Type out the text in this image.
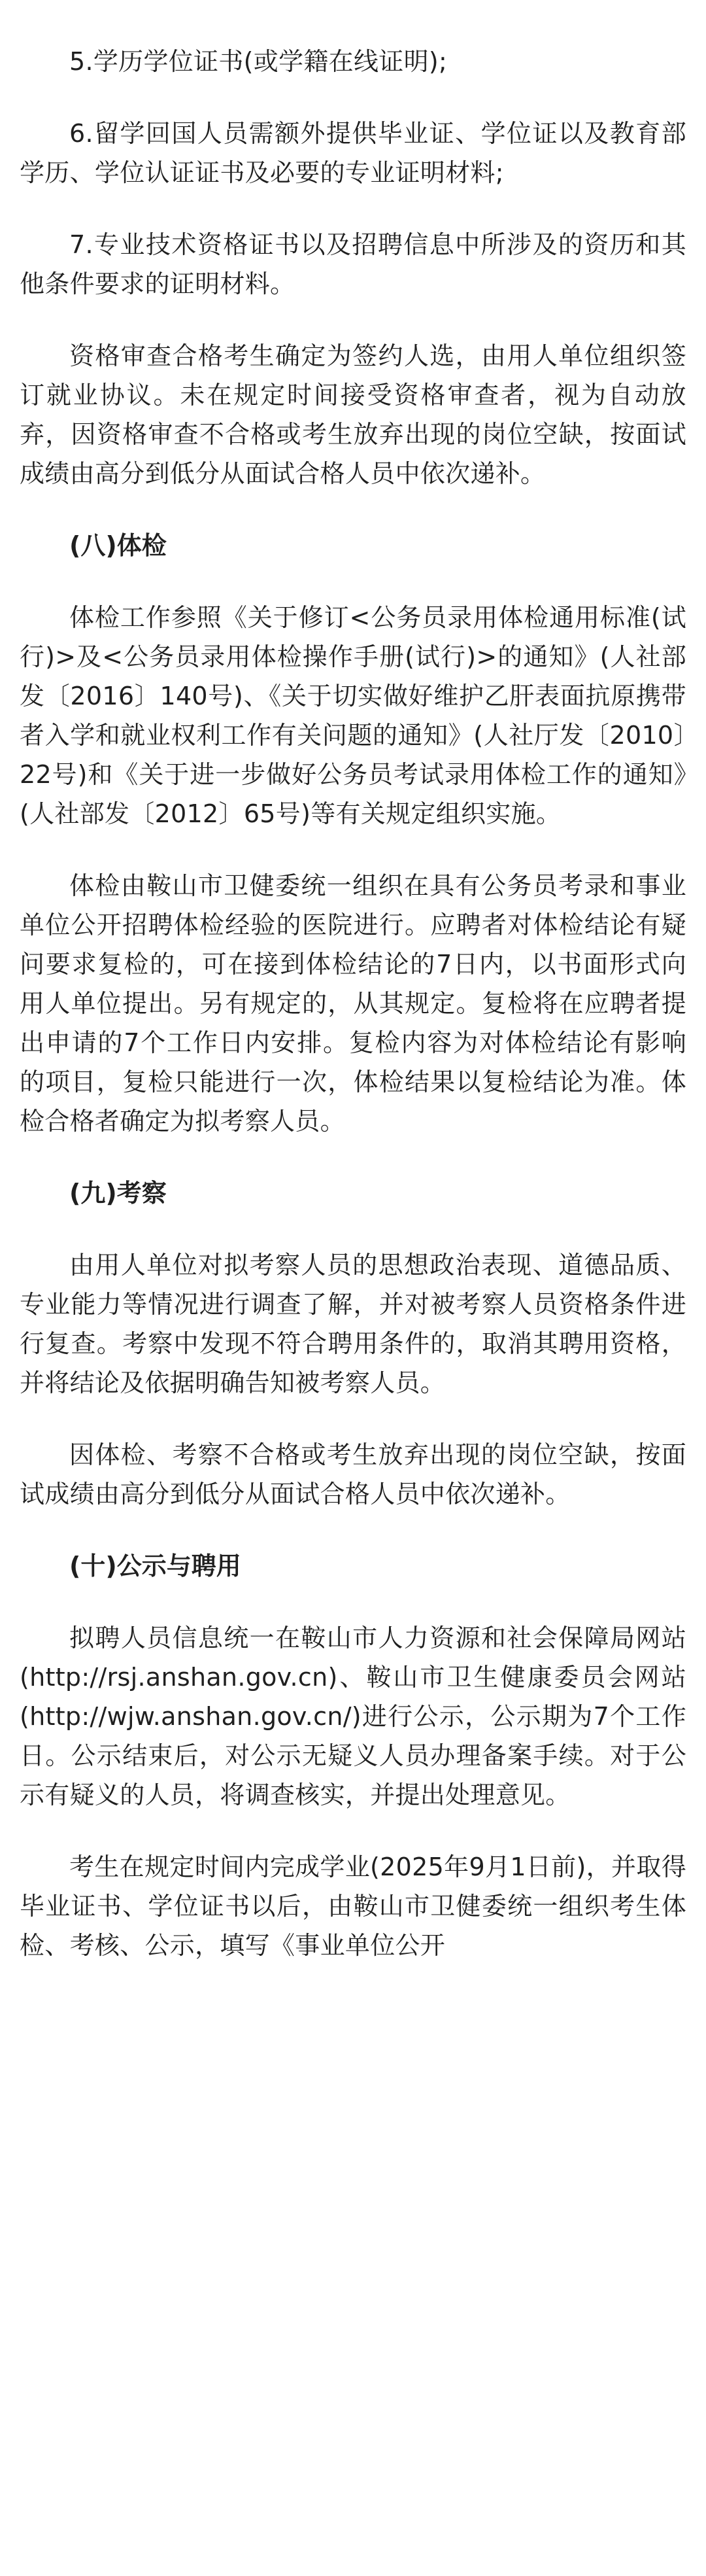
5.学历学位证书(或学籍在线证明);

6.留学回国人员需额外提供毕业证、学位证以及教育部学历、学位认证证书及必要的专业证明材料;

7.专业技术资格证书以及招聘信息中所涉及的资历和其他条件要求的证明材料。

资格审查合格考生确定为签约人选，由用人单位组织签订就业协议。未在规定时间接受资格审查者，视为自动放弃，因资格审查不合格或考生放弃出现的岗位空缺，按面试成绩由高分到低分从面试合格人员中依次递补。

(八)体检

体检工作参照《关于修订<公务员录用体检通用标准(试行)>及<公务员录用体检操作手册(试行)>的通知》(人社部发〔2016〕140号)、《关于切实做好维护乙肝表面抗原携带者入学和就业权利工作有关问题的通知》(人社厅发〔2010〕22号)和《关于进一步做好公务员考试录用体检工作的通知》(人社部发〔2012〕65号)等有关规定组织实施。

体检由鞍山市卫健委统一组织在具有公务员考录和事业单位公开招聘体检经验的医院进行。应聘者对体检结论有疑问要求复检的，可在接到体检结论的7日内，以书面形式向用人单位提出。另有规定的，从其规定。复检将在应聘者提出申请的7个工作日内安排。复检内容为对体检结论有影响的项目，复检只能进行一次，体检结果以复检结论为准。体检合格者确定为拟考察人员。

(九)考察

由用人单位对拟考察人员的思想政治表现、道德品质、专业能力等情况进行调查了解，并对被考察人员资格条件进行复查。考察中发现不符合聘用条件的，取消其聘用资格，并将结论及依据明确告知被考察人员。

因体检、考察不合格或考生放弃出现的岗位空缺，按面试成绩由高分到低分从面试合格人员中依次递补。

(十)公示与聘用

拟聘人员信息统一在鞍山市人力资源和社会保障局网站(http://rsj.anshan.gov.cn)、鞍山市卫生健康委员会网站(http://wjw.anshan.gov.cn/)进行公示，公示期为7个工作日。公示结束后，对公示无疑义人员办理备案手续。对于公示有疑义的人员，将调查核实，并提出处理意见。

考生在规定时间内完成学业(2025年9月1日前)，并取得毕业证书、学位证书以后，由鞍山市卫健委统一组织考生体检、考核、公示，填写《事业单位公开
